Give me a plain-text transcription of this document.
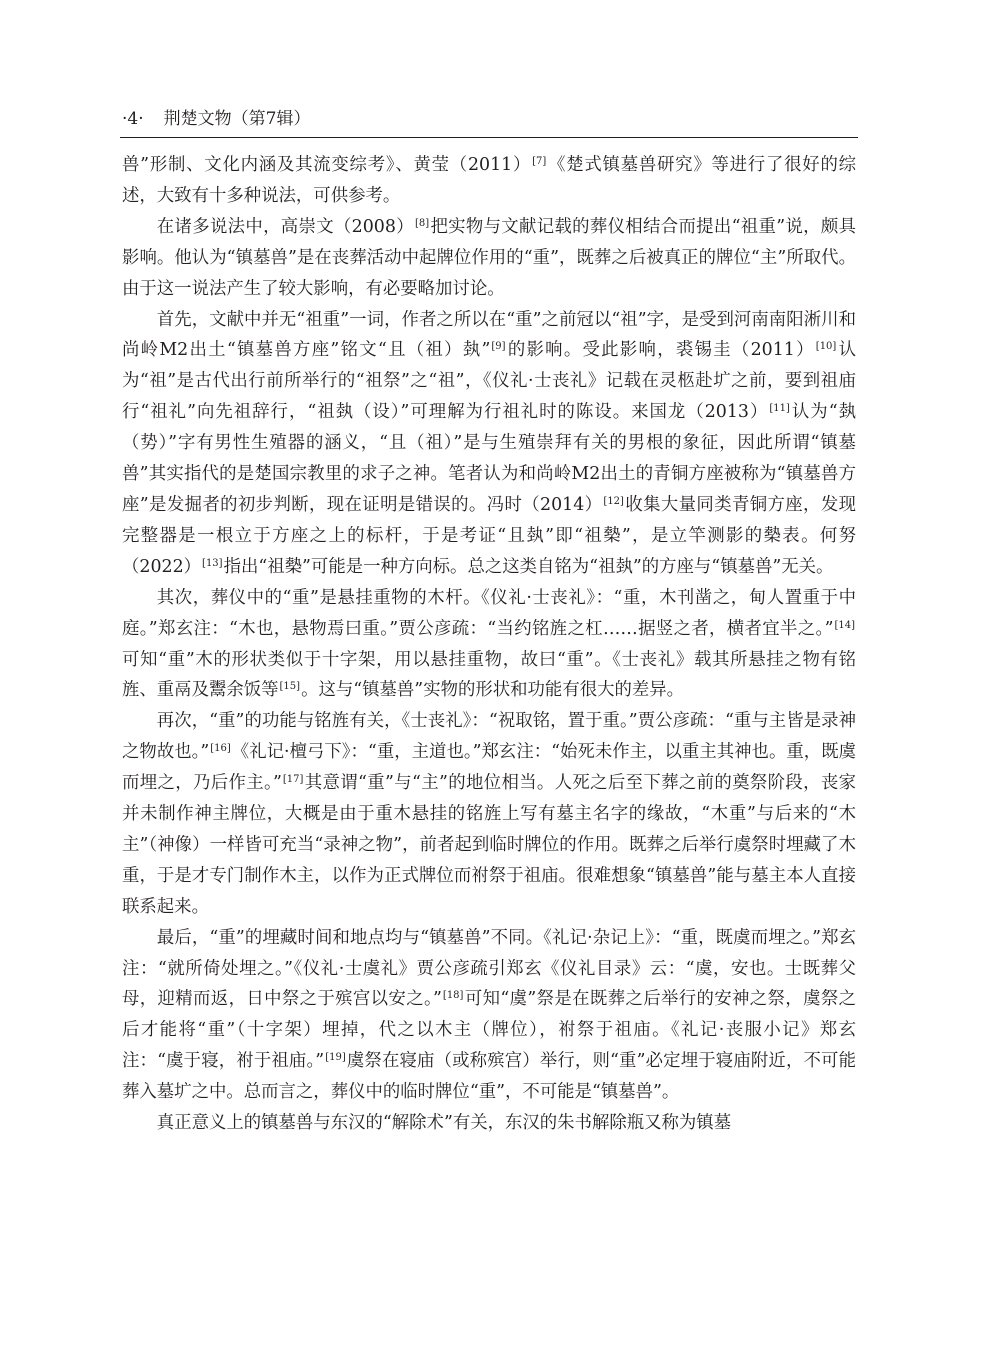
·4· 荆楚文物（第7辑）

兽”形制、文化内涵及其流变综考》、黄莹（2011）[7]《楚式镇墓兽研究》等进行了很好的综述，大致有十多种说法，可供参考。

在诸多说法中，高崇文（2008）[8]把实物与文献记载的葬仪相结合而提出“祖重”说，颇具影响。他认为“镇墓兽”是在丧葬活动中起牌位作用的“重”，既葬之后被真正的牌位“主”所取代。由于这一说法产生了较大影响，有必要略加讨论。

首先，文献中并无“祖重”一词，作者之所以在“重”之前冠以“祖”字，是受到河南南阳淅川和尚岭M2出土“镇墓兽方座”铭文“且（祖）埶”[9]的影响。受此影响，裘锡圭（2011）[10]认为“祖”是古代出行前所举行的“祖祭”之“祖”，《仪礼·士丧礼》记载在灵柩赴圹之前，要到祖庙行“祖礼”向先祖辞行，“祖埶（设）”可理解为行祖礼时的陈设。来国龙（2013）[11]认为“埶（势）”字有男性生殖器的涵义，“且（祖）”是与生殖崇拜有关的男根的象征，因此所谓“镇墓兽”其实指代的是楚国宗教里的求子之神。笔者认为和尚岭M2出土的青铜方座被称为“镇墓兽方座”是发掘者的初步判断，现在证明是错误的。冯时（2014）[12]收集大量同类青铜方座，发现完整器是一根立于方座之上的标杆，于是考证“且埶”即“祖槷”，是立竿测影的槷表。何努（2022）[13]指出“祖槷”可能是一种方向标。总之这类自铭为“祖埶”的方座与“镇墓兽”无关。

其次，葬仪中的“重”是悬挂重物的木杆。《仪礼·士丧礼》：“重，木刊凿之，甸人置重于中庭。”郑玄注：“木也，悬物焉曰重。”贾公彦疏：“当约铭旌之杠……据竖之者，横者宜半之。”[14]可知“重”木的形状类似于十字架，用以悬挂重物，故曰“重”。《士丧礼》载其所悬挂之物有铭旌、重鬲及鬻余饭等[15]。这与“镇墓兽”实物的形状和功能有很大的差异。

再次，“重”的功能与铭旌有关，《士丧礼》：“祝取铭，置于重。”贾公彦疏：“重与主皆是录神之物故也。”[16]《礼记·檀弓下》：“重，主道也。”郑玄注：“始死未作主，以重主其神也。重，既虞而埋之，乃后作主。”[17]其意谓“重”与“主”的地位相当。人死之后至下葬之前的奠祭阶段，丧家并未制作神主牌位，大概是由于重木悬挂的铭旌上写有墓主名字的缘故，“木重”与后来的“木主”（神像）一样皆可充当“录神之物”，前者起到临时牌位的作用。既葬之后举行虞祭时埋藏了木重，于是才专门制作木主，以作为正式牌位而祔祭于祖庙。很难想象“镇墓兽”能与墓主本人直接联系起来。

最后，“重”的埋藏时间和地点均与“镇墓兽”不同。《礼记·杂记上》：“重，既虞而埋之。”郑玄注：“就所倚处埋之。”《仪礼·士虞礼》贾公彦疏引郑玄《仪礼目录》云：“虞，安也。士既葬父母，迎精而返，日中祭之于殡宫以安之。”[18]可知“虞”祭是在既葬之后举行的安神之祭，虞祭之后才能将“重”（十字架）埋掉，代之以木主（牌位），祔祭于祖庙。《礼记·丧服小记》郑玄注：“虞于寝，祔于祖庙。”[19]虞祭在寝庙（或称殡宫）举行，则“重”必定埋于寝庙附近，不可能葬入墓圹之中。总而言之，葬仪中的临时牌位“重”，不可能是“镇墓兽”。

真正意义上的镇墓兽与东汉的“解除术”有关，东汉的朱书解除瓶又称为镇墓
